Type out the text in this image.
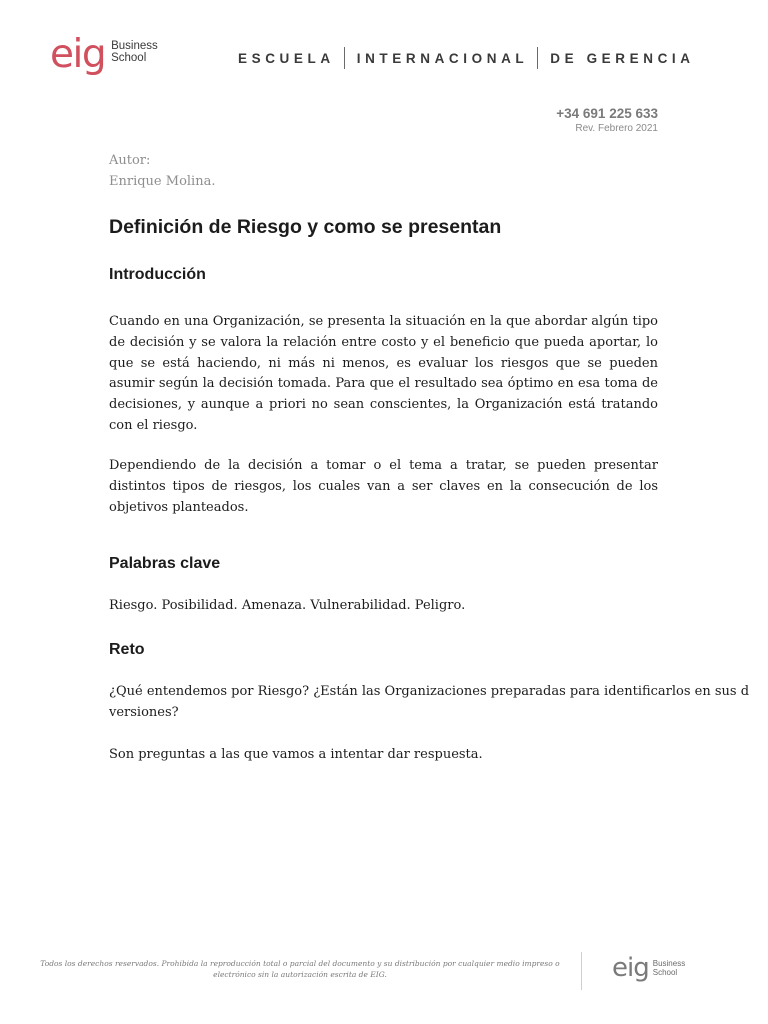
eig Business
School	ESCUELA INTERNACIONAL DE GERENCIA
+34 691 225 633
Rev. Febrero 2021
Autor:
Enrique Molina.
Definición de Riesgo y como se presentan
Introducción

Cuando en una Organización, se presenta la situación en la que abordar algún tipo de decisión y se valora la relación entre costo y el beneficio que pueda aportar, lo que se está haciendo, ni más ni menos, es evaluar los riesgos que se pueden asumir según la decisión tomada. Para que el resultado sea óptimo en esa toma de decisiones, y aunque a priori no sean conscientes, la Organización está tratando con el riesgo.

Dependiendo de la decisión a tomar o el tema a tratar, se pueden presentar distintos tipos de riesgos, los cuales van a ser claves en la consecución de los objetivos planteados.

Palabras clave

Riesgo. Posibilidad. Amenaza. Vulnerabilidad. Peligro.

Reto

¿Qué entendemos por Riesgo? ¿Están las Organizaciones preparadas para identificarlos en sus d versiones?

Son preguntas a las que vamos a intentar dar respuesta.

Todos los derechos reservados. Prohibida la reproducción total o parcial del documento y su distribución por cualquier medio impreso o electrónico sin la autorización escrita de EIG.	eig Business
School
